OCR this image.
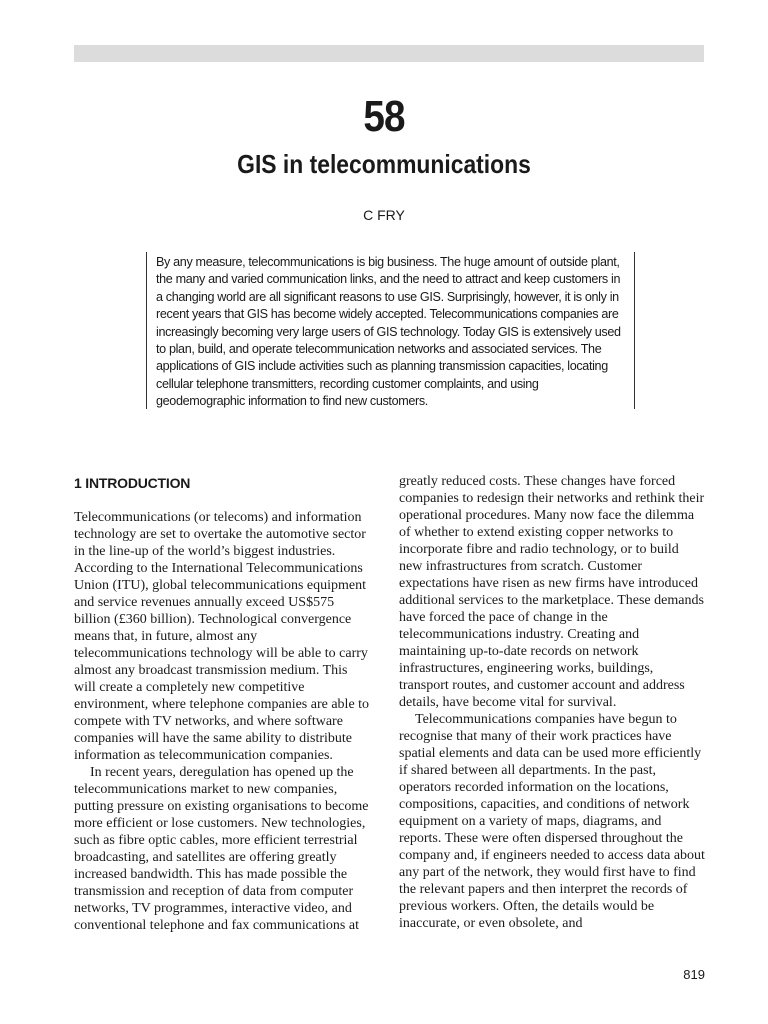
58
GIS in telecommunications
C FRY

By any measure, telecommunications is big business. The huge amount of outside plant, the many and varied communication links, and the need to attract and keep customers in a changing world are all significant reasons to use GIS. Surprisingly, however, it is only in recent years that GIS has become widely accepted. Telecommunications companies are increasingly becoming very large users of GIS technology. Today GIS is extensively used to plan, build, and operate telecommunication networks and associated services. The applications of GIS include activities such as planning transmission capacities, locating cellular telephone transmitters, recording customer complaints, and using geodemographic information to find new customers.

1 INTRODUCTION

Telecommunications (or telecoms) and information technology are set to overtake the automotive sector in the line-up of the world’s biggest industries. According to the International Telecommunications Union (ITU), global telecommunications equipment and service revenues annually exceed US$575 billion (£360 billion). Technological convergence means that, in future, almost any telecommunications technology will be able to carry almost any broadcast transmission medium. This will create a completely new competitive environment, where telephone companies are able to compete with TV networks, and where software companies will have the same ability to distribute information as telecommunication companies.

In recent years, deregulation has opened up the telecommunications market to new companies, putting pressure on existing organisations to become more efficient or lose customers. New technologies, such as fibre optic cables, more efficient terrestrial broadcasting, and satellites are offering greatly increased bandwidth. This has made possible the transmission and reception of data from computer networks, TV programmes, interactive video, and conventional telephone and fax communications at

greatly reduced costs. These changes have forced companies to redesign their networks and rethink their operational procedures. Many now face the dilemma of whether to extend existing copper networks to incorporate fibre and radio technology, or to build new infrastructures from scratch. Customer expectations have risen as new firms have introduced additional services to the marketplace. These demands have forced the pace of change in the telecommunications industry. Creating and maintaining up-to-date records on network infrastructures, engineering works, buildings, transport routes, and customer account and address details, have become vital for survival.

Telecommunications companies have begun to recognise that many of their work practices have spatial elements and data can be used more efficiently if shared between all departments. In the past, operators recorded information on the locations, compositions, capacities, and conditions of network equipment on a variety of maps, diagrams, and reports. These were often dispersed throughout the company and, if engineers needed to access data about any part of the network, they would first have to find the relevant papers and then interpret the records of previous workers. Often, the details would be inaccurate, or even obsolete, and

819
